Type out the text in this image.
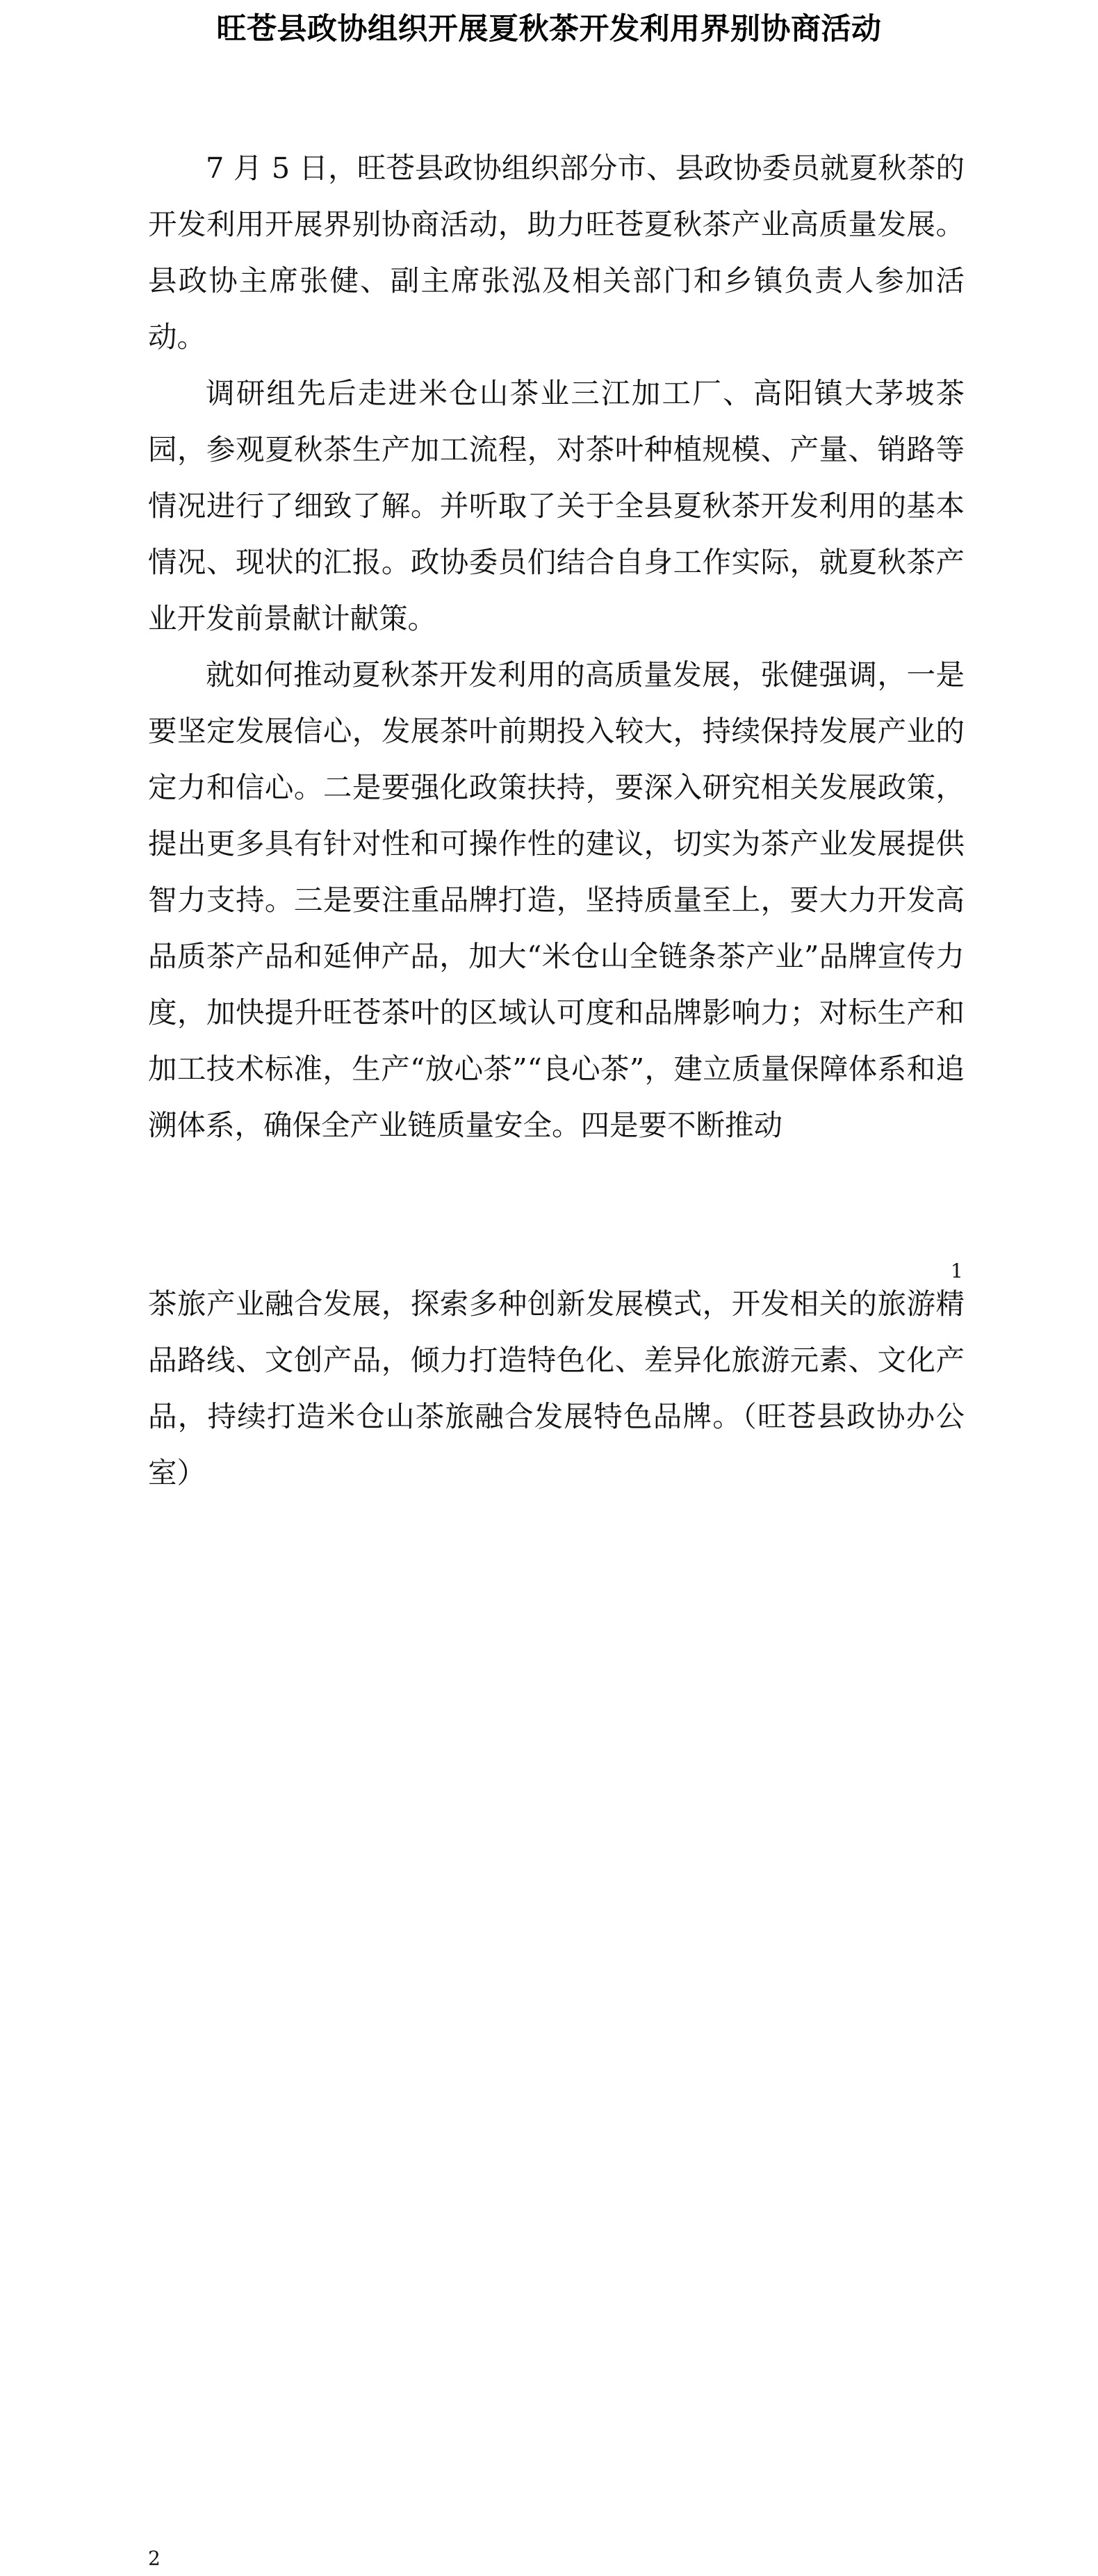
旺苍县政协组织开展夏秋茶开发利用界别协商活动

7 月 5 日，旺苍县政协组织部分市、县政协委员就夏秋茶的开发利用开展界别协商活动，助力旺苍夏秋茶产业高质量发展。县政协主席张健、副主席张泓及相关部门和乡镇负责人参加活动。

调研组先后走进米仓山茶业三江加工厂、高阳镇大茅坡茶园，参观夏秋茶生产加工流程，对茶叶种植规模、产量、销路等情况进行了细致了解。并听取了关于全县夏秋茶开发利用的基本情况、现状的汇报。政协委员们结合自身工作实际，就夏秋茶产业开发前景献计献策。

就如何推动夏秋茶开发利用的高质量发展，张健强调，一是要坚定发展信心，发展茶叶前期投入较大，持续保持发展产业的定力和信心。二是要强化政策扶持，要深入研究相关发展政策，提出更多具有针对性和可操作性的建议，切实为茶产业发展提供智力支持。三是要注重品牌打造，坚持质量至上，要大力开发高品质茶产品和延伸产品，加大“米仓山全链条茶产业”品牌宣传力度，加快提升旺苍茶叶的区域认可度和品牌影响力；对标生产和加工技术标准，生产“放心茶”“良心茶”，建立质量保障体系和追溯体系，确保全产业链质量安全。四是要不断推动

1

茶旅产业融合发展，探索多种创新发展模式，开发相关的旅游精品路线、文创产品，倾力打造特色化、差异化旅游元素、文化产品，持续打造米仓山茶旅融合发展特色品牌。（旺苍县政协办公室）

2
